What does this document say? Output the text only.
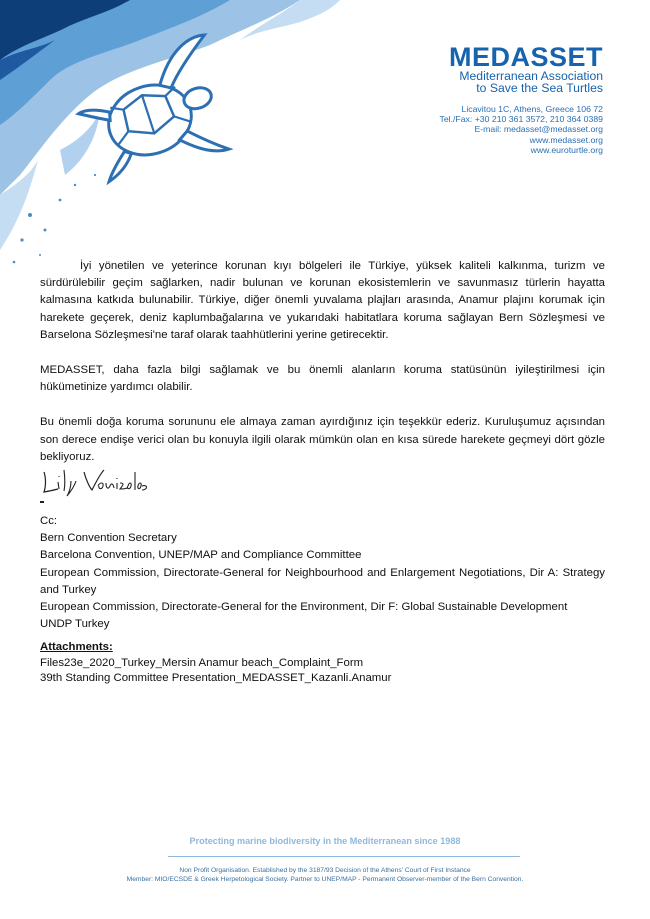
MEDASSET
Mediterranean Association
to Save the Sea Turtles
Licavitou 1C, Athens, Greece 106 72
Tel./Fax: +30 210 361 3572, 210 364 0389
E-mail: medasset@medasset.org
www.medasset.org
www.euroturtle.org

İyi yönetilen ve yeterince korunan kıyı bölgeleri ile Türkiye, yüksek kaliteli kalkınma, turizm ve sürdürülebilir geçim sağlarken, nadir bulunan ve korunan ekosistemlerin ve savunmasız türlerin hayatta kalmasına katkıda bulunabilir. Türkiye, diğer önemli yuvalama plajları arasında, Anamur plajını korumak için harekete geçerek, deniz kaplumbağalarına ve yukarıdaki habitatlara koruma sağlayan Bern Sözleşmesi ve Barselona Sözleşmesi'ne taraf olarak taahhütlerini yerine getirecektir.

MEDASSET, daha fazla bilgi sağlamak ve bu önemli alanların koruma statüsünün iyileştirilmesi için hükümetinize yardımcı olabilir.

Bu önemli doğa koruma sorununu ele almaya zaman ayırdığınız için teşekkür ederiz. Kuruluşumuz açısından son derece endişe verici olan bu konuyla ilgili olarak mümkün olan en kısa sürede harekete geçmeyi dört gözle bekliyoruz.

Cc:
Bern Convention Secretary
Barcelona Convention, UNEP/MAP and Compliance Committee
European Commission, Directorate-General for Neighbourhood and Enlargement Negotiations, Dir A: Strategy and Turkey
European Commission, Directorate-General for the Environment, Dir F: Global Sustainable Development
UNDP Turkey
Attachments:
Files23e_2020_Turkey_Mersin Anamur beach_Complaint_Form
39th Standing Committee Presentation_MEDASSET_Kazanli.Anamur
Protecting marine biodiversity in the Mediterranean since 1988
Non Profit Organisation. Established by the 3187/93 Decision of the Athens' Court of First Instance
Member: MIO/ECSDE & Greek Herpetological Society. Partner to UNEP/MAP - Permanent Observer-member of the Bern Convention.
